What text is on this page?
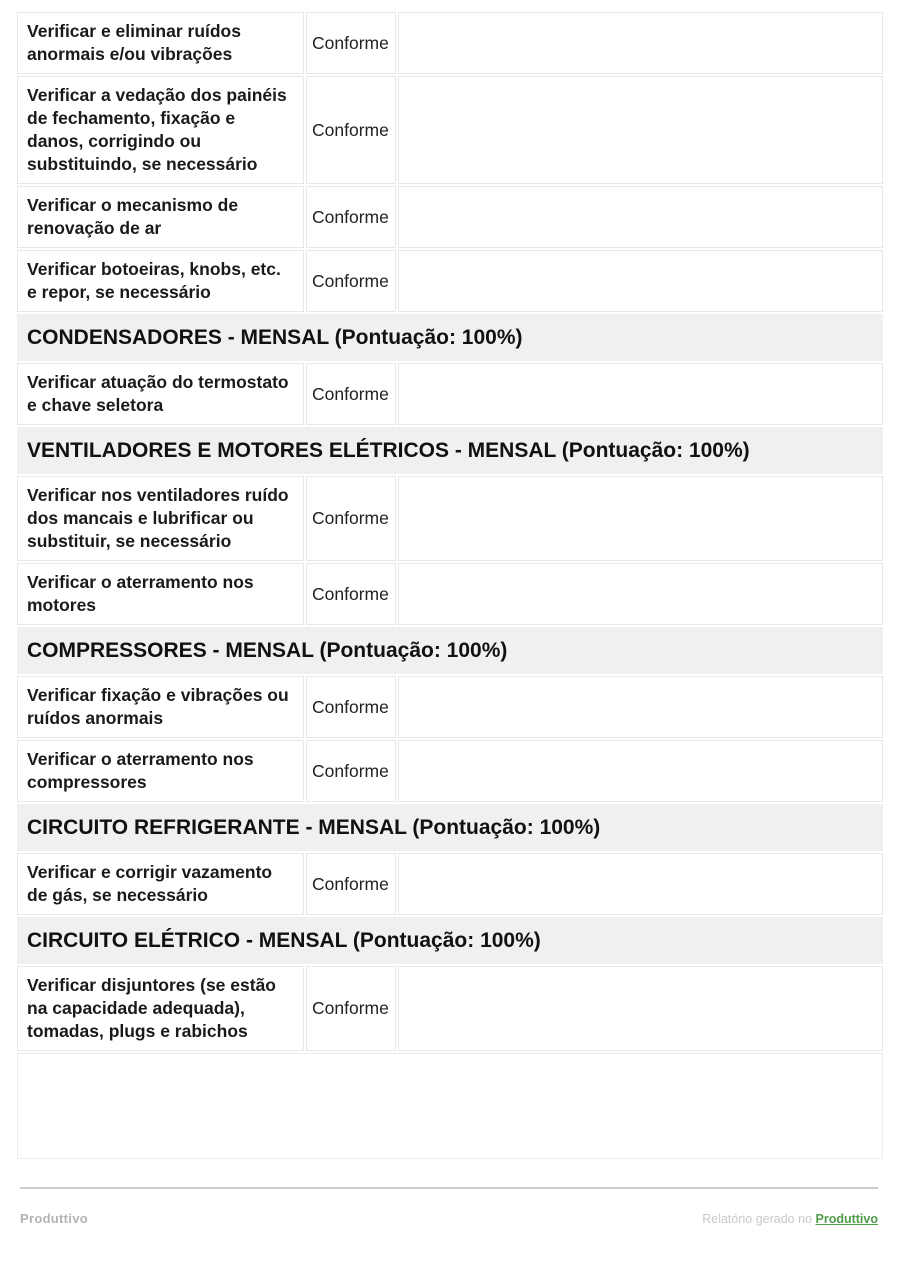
Verificar e eliminar ruídos anormais e/ou vibrações
Conforme
Verificar a vedação dos painéis de fechamento, fixação e danos, corrigindo ou substituindo, se necessário
Conforme
Verificar o mecanismo de renovação de ar
Conforme
Verificar botoeiras, knobs, etc. e repor, se necessário
Conforme
CONDENSADORES - MENSAL (Pontuação: 100%)
Verificar atuação do termostato e chave seletora
Conforme
VENTILADORES E MOTORES ELÉTRICOS - MENSAL (Pontuação: 100%)
Verificar nos ventiladores ruído dos mancais e lubrificar ou substituir, se necessário
Conforme
Verificar o aterramento nos motores
Conforme
COMPRESSORES - MENSAL (Pontuação: 100%)
Verificar fixação e vibrações ou ruídos anormais
Conforme
Verificar o aterramento nos compressores
Conforme
CIRCUITO REFRIGERANTE - MENSAL (Pontuação: 100%)
Verificar e corrigir vazamento de gás, se necessário
Conforme
CIRCUITO ELÉTRICO - MENSAL (Pontuação: 100%)
Verificar disjuntores (se estão na capacidade adequada), tomadas, plugs e rabichos
Conforme
Produttivo	Relatório gerado no Produttivo
